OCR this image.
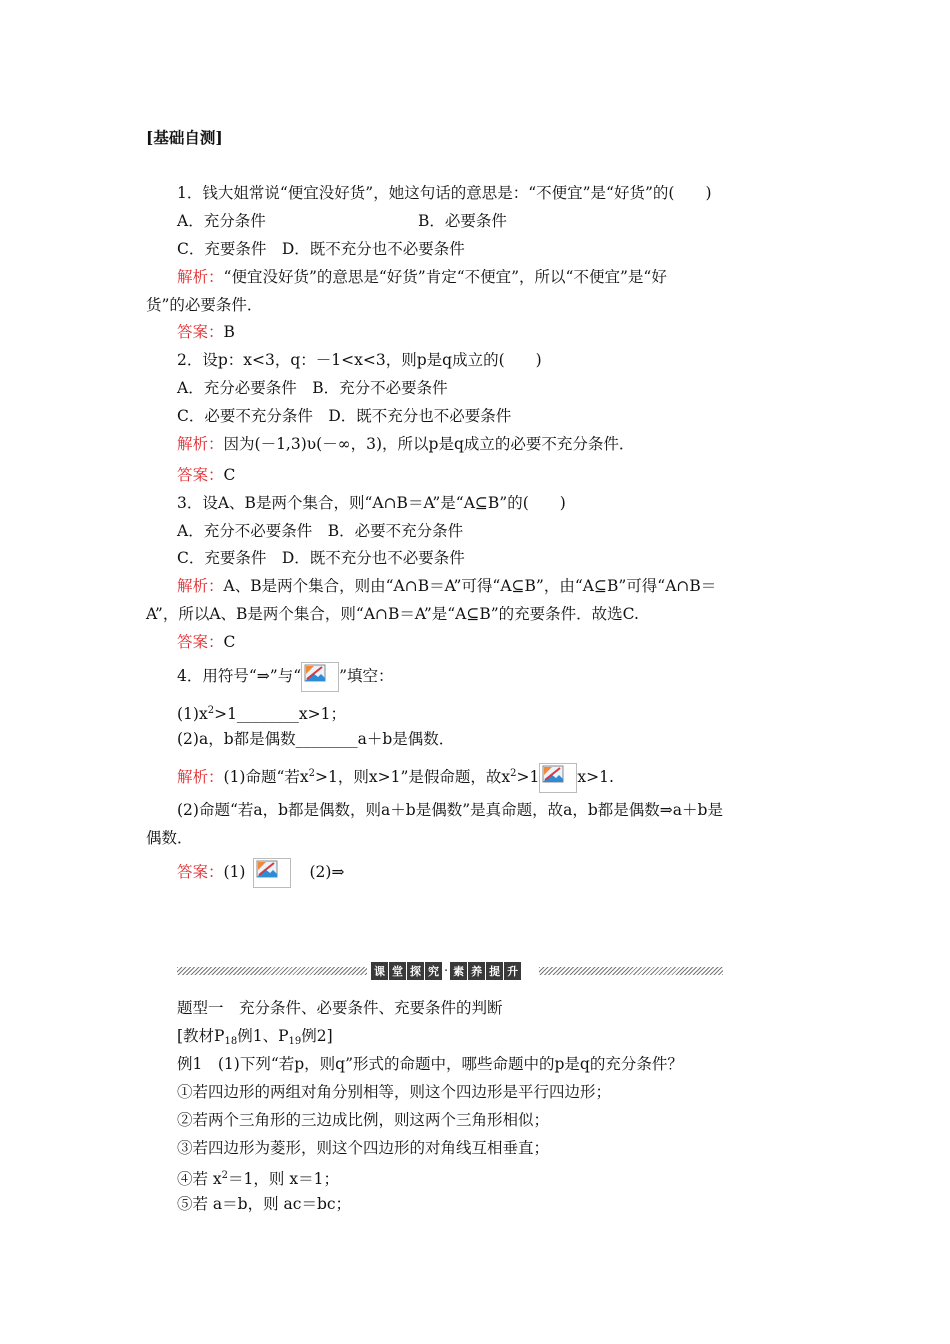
[基础自测]
1．钱大姐常说“便宜没好货”，她这句话的意思是：“不便宜”是“好货”的(　　)
A．充分条件	B．必要条件
C．充要条件　D．既不充分也不必要条件
解析：“便宜没好货”的意思是“好货”肯定“不便宜”，所以“不便宜”是“好
货”的必要条件．
答案：B
2．设p：x<3，q：－1<x<3，则p是q成立的(　　)
A．充分必要条件　B．充分不必要条件
C．必要不充分条件　D．既不充分也不必要条件
解析：因为(－1,3)ʋ(－∞，3)，所以p是q成立的必要不充分条件．
答案：C
3．设A、B是两个集合，则“A∩B＝A”是“A⊆B”的(　　)
A．充分不必要条件　B．必要不充分条件
C．充要条件　D．既不充分也不必要条件
解析：A、B是两个集合，则由“A∩B＝A”可得“A⊆B”，由“A⊆B”可得“A∩B＝
A”，所以A、B是两个集合，则“A∩B＝A”是“A⊆B”的充要条件．故选C.
答案：C
4．用符号“⇒”与“ ”填空：
$(1)x^2>1\_\_\_\_\_\_\_\_x>1$；
(2)a，b都是偶数________a＋b是偶数．
解析：(1)命题“若$x^2>1$，则x>1”是假命题，故$x^2>1$ x>1.
(2)命题“若a，b都是偶数，则a＋b是偶数”是真命题，故a，b都是偶数⇒a＋b是
偶数．
答案：(1)	(2)⇒
课 堂 探 究 · 素 养 提 升
题型一　充分条件、必要条件、充要条件的判断
[教材$P_{18}$例1、$P_{19}$例2]
例1　(1)下列“若p，则q”形式的命题中，哪些命题中的p是q的充分条件？
①若四边形的两组对角分别相等，则这个四边形是平行四边形；
②若两个三角形的三边成比例，则这两个三角形相似；
③若四边形为菱形，则这个四边形的对角线互相垂直；
④若 $x^2=1$，则 x＝1；
⑤若 a＝b，则 ac＝bc；
